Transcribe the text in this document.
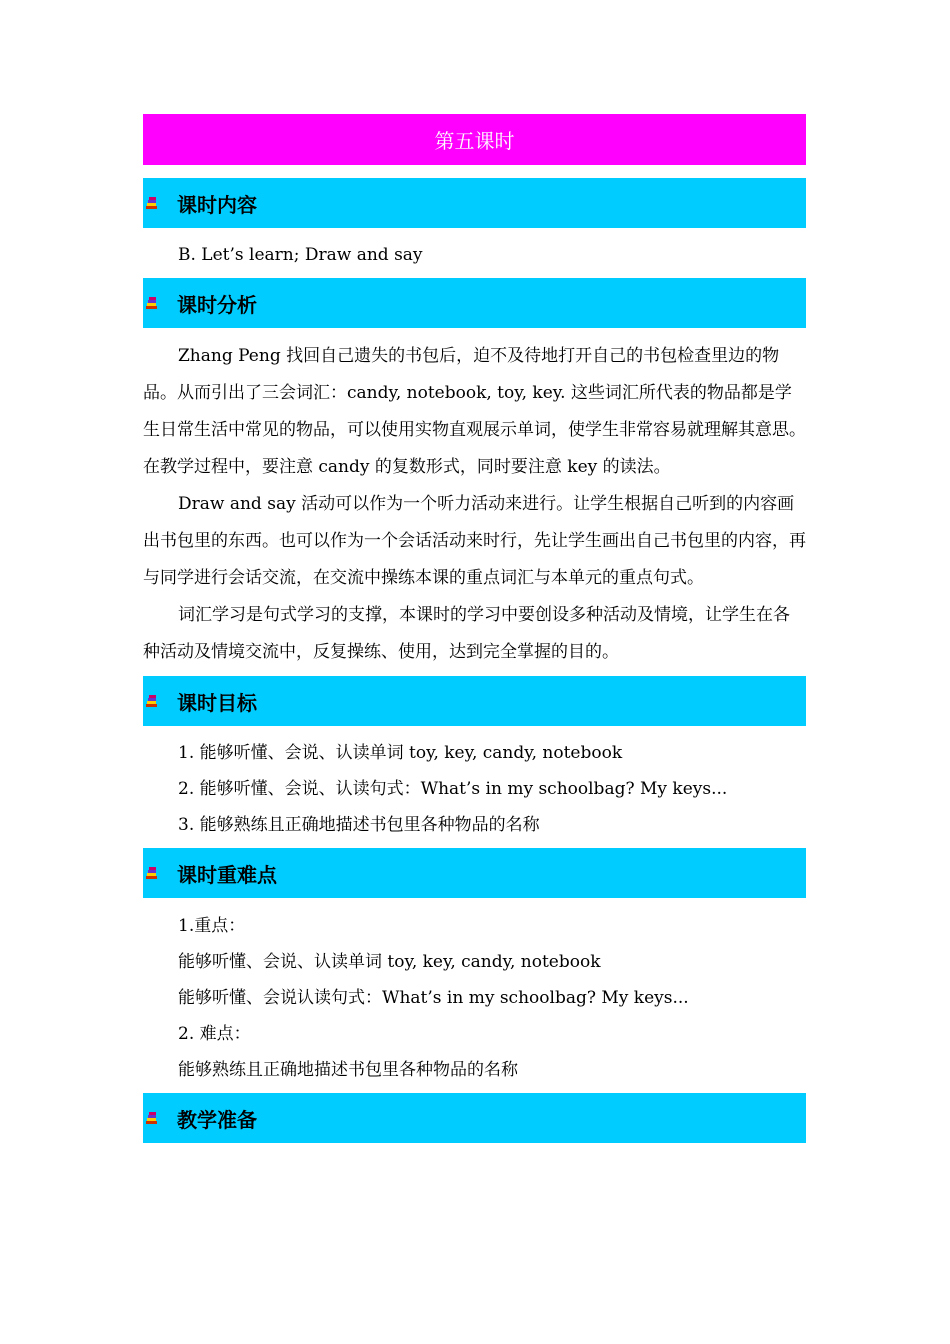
第五课时
课时内容
B. Let’s learn; Draw and say
课时分析

Zhang Peng 找回自己遗失的书包后，迫不及待地打开自己的书包检查里边的物品。从而引出了三会词汇：candy, notebook, toy, key. 这些词汇所代表的物品都是学生日常生活中常见的物品，可以使用实物直观展示单词，使学生非常容易就理解其意思。在教学过程中，要注意 candy 的复数形式，同时要注意 key 的读法。

Draw and say 活动可以作为一个听力活动来进行。让学生根据自己听到的内容画出书包里的东西。也可以作为一个会话活动来时行，先让学生画出自己书包里的内容，再与同学进行会话交流，在交流中操练本课的重点词汇与本单元的重点句式。

词汇学习是句式学习的支撑，本课时的学习中要创设多种活动及情境，让学生在各种活动及情境交流中，反复操练、使用，达到完全掌握的目的。

课时目标
1. 能够听懂、会说、认读单词 toy, key, candy, notebook
2. 能够听懂、会说、认读句式：What’s in my schoolbag? My keys...
3. 能够熟练且正确地描述书包里各种物品的名称
课时重难点
1.重点：
能够听懂、会说、认读单词 toy, key, candy, notebook
能够听懂、会说认读句式：What’s in my schoolbag? My keys...
2. 难点：
能够熟练且正确地描述书包里各种物品的名称
教学准备
